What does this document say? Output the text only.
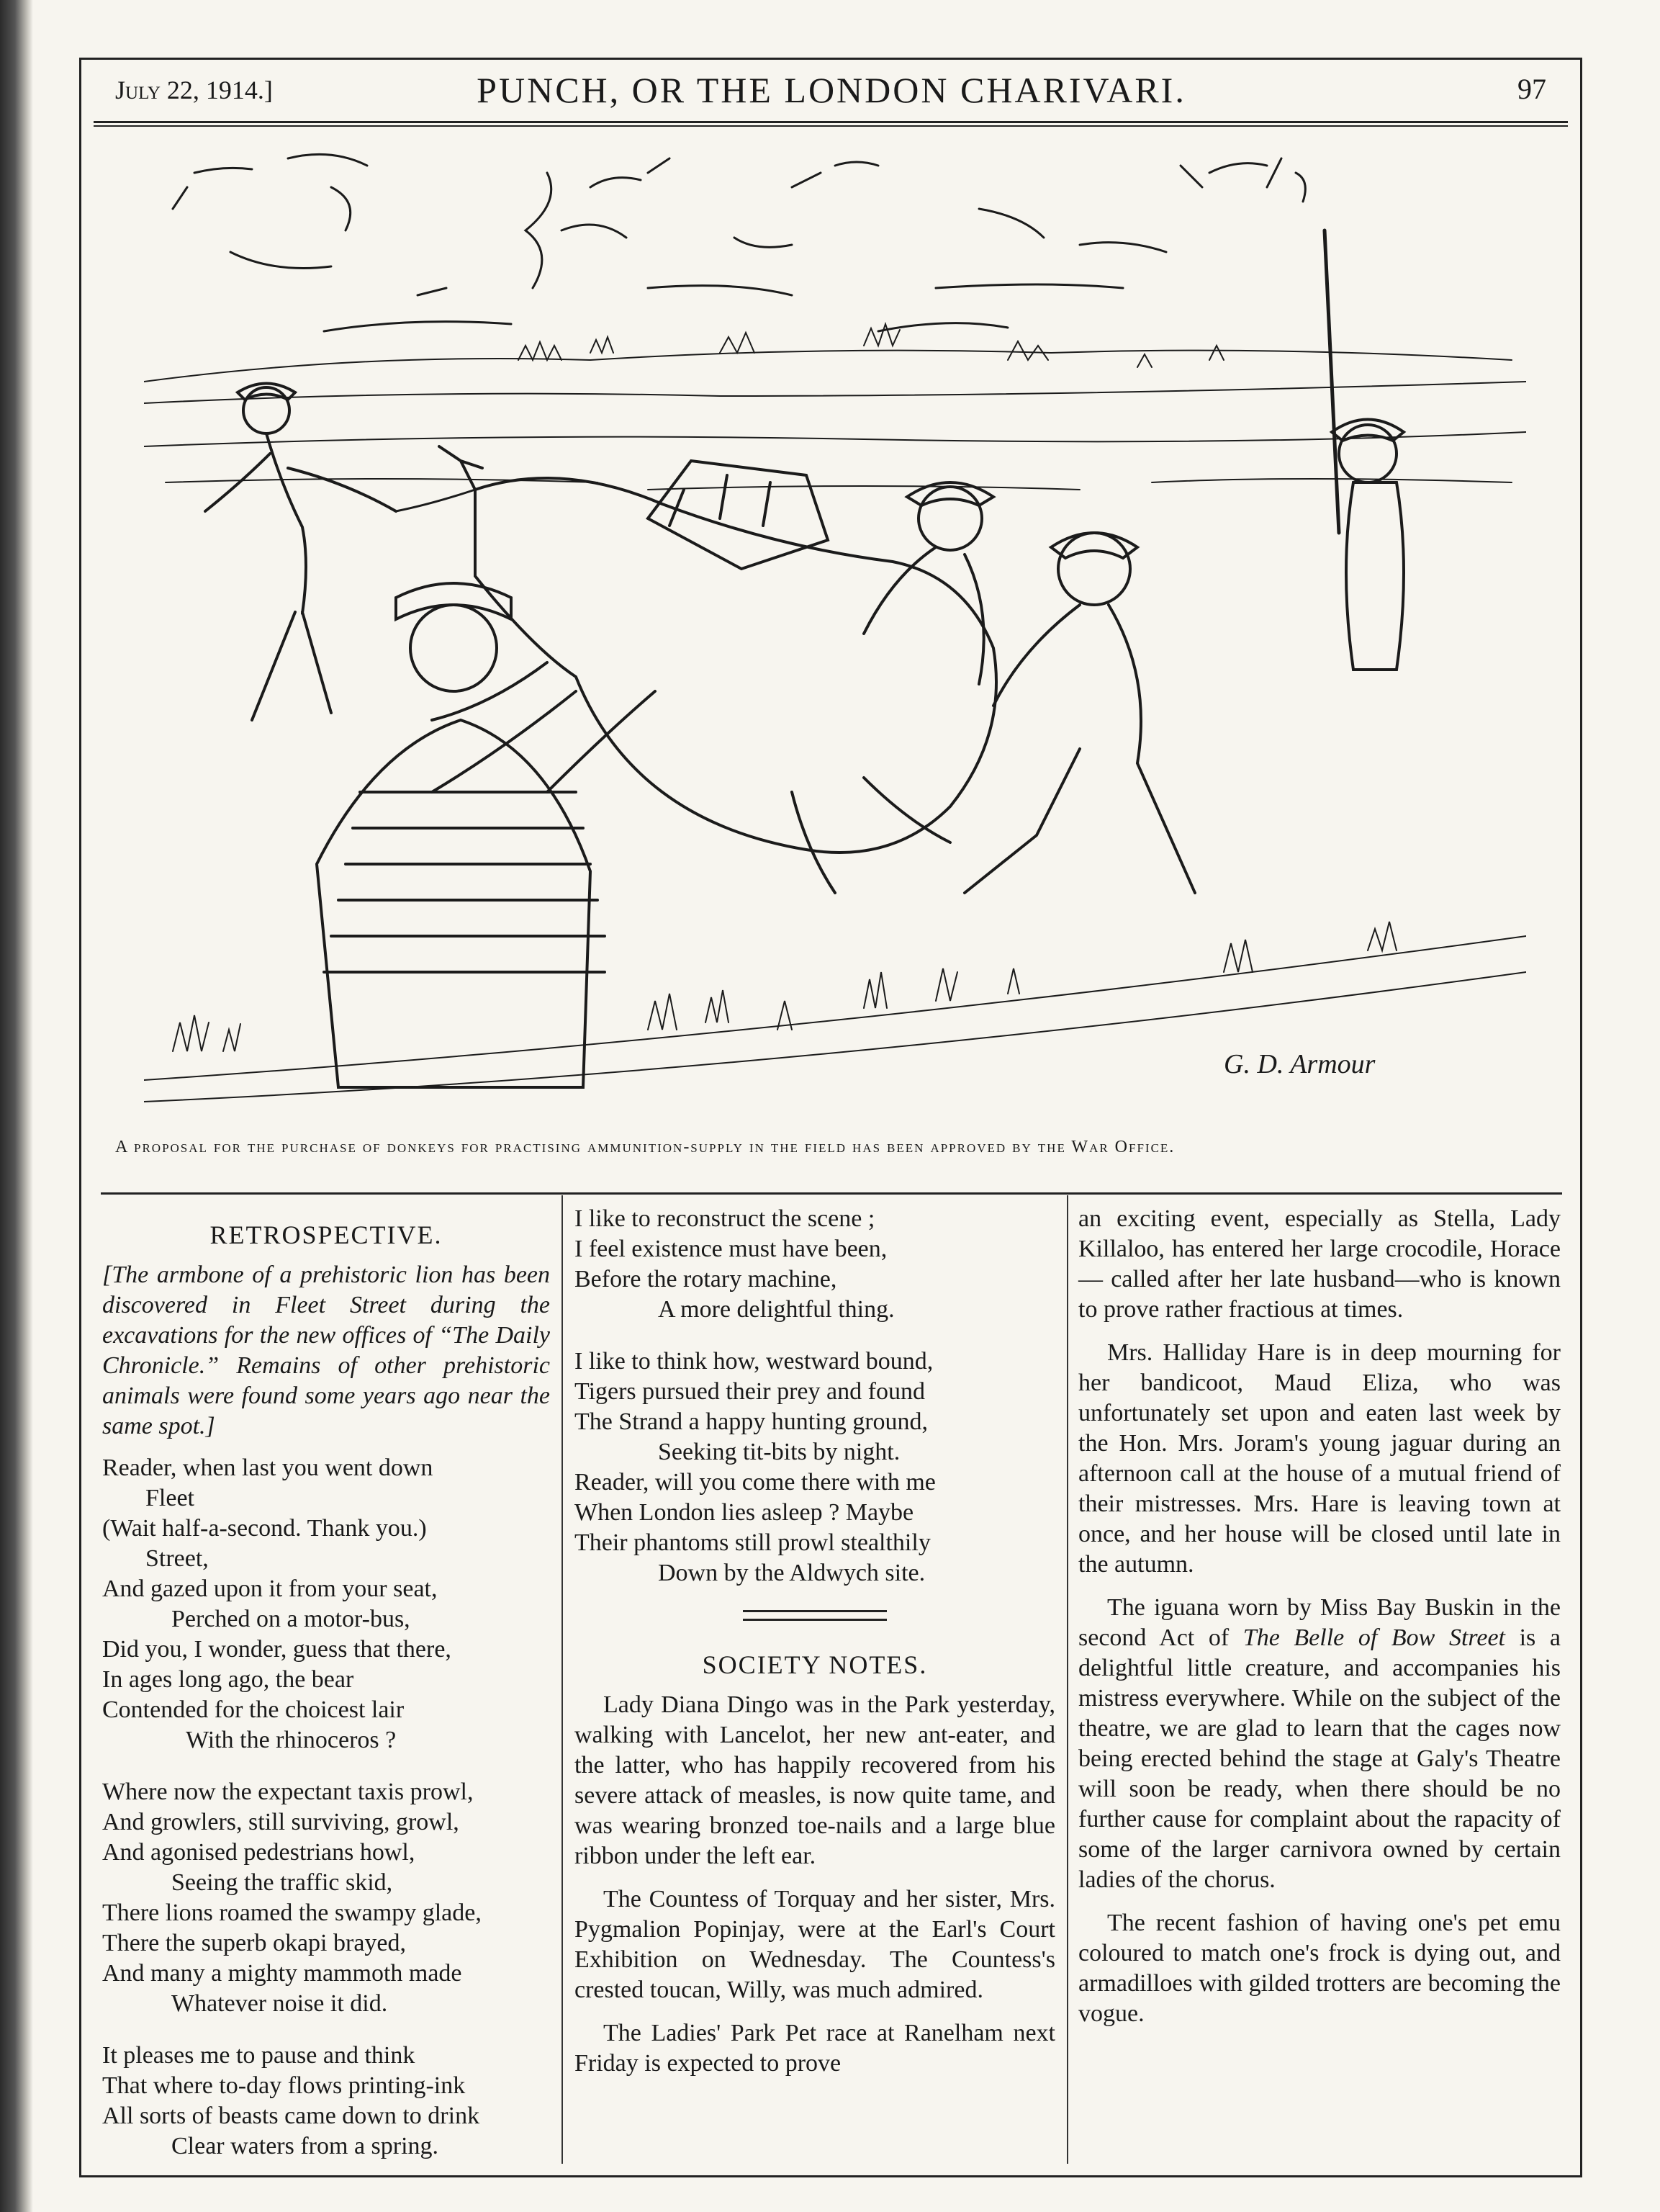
July 22, 1914.]	PUNCH, OR THE LONDON CHARIVARI.	97
G. D. Armour
A proposal for the purchase of donkeys for practising ammunition-supply in the field has been approved by the War Office.
RETROSPECTIVE.

[The armbone of a prehistoric lion has been discovered in Fleet Street during the excavations for the new offices of “The Daily Chronicle.” Remains of other prehistoric animals were found some years ago near the same spot.]

Reader, when last you went down

Fleet

(Wait half-a-second. Thank you.)

Street,

And gazed upon it from your seat,

Perched on a motor-bus,

Did you, I wonder, guess that there,

In ages long ago, the bear

Contended for the choicest lair

With the rhinoceros ?

Where now the expectant taxis prowl,

And growlers, still surviving, growl,

And agonised pedestrians howl,

Seeing the traffic skid,

There lions roamed the swampy glade,

There the superb okapi brayed,

And many a mighty mammoth made

Whatever noise it did.

It pleases me to pause and think

That where to-day flows printing-ink

All sorts of beasts came down to drink

Clear waters from a spring.

I like to reconstruct the scene ;

I feel existence must have been,

Before the rotary machine,

A more delightful thing.

I like to think how, westward bound,

Tigers pursued their prey and found

The Strand a happy hunting ground,

Seeking tit-bits by night.

Reader, will you come there with me

When London lies asleep ? Maybe

Their phantoms still prowl stealthily

Down by the Aldwych site.

SOCIETY NOTES.

Lady Diana Dingo was in the Park yesterday, walking with Lancelot, her new ant-eater, and the latter, who has happily recovered from his severe attack of measles, is now quite tame, and was wearing bronzed toe-nails and a large blue ribbon under the left ear.

The Countess of Torquay and her sister, Mrs. Pygmalion Popinjay, were at the Earl's Court Exhibition on Wednesday. The Countess's crested toucan, Willy, was much admired.

The Ladies' Park Pet race at Ranelham next Friday is expected to prove

an exciting event, especially as Stella, Lady Killaloo, has entered her large crocodile, Horace — called after her late husband—who is known to prove rather fractious at times.

Mrs. Halliday Hare is in deep mourning for her bandicoot, Maud Eliza, who was unfortunately set upon and eaten last week by the Hon. Mrs. Joram's young jaguar during an afternoon call at the house of a mutual friend of their mistresses. Mrs. Hare is leaving town at once, and her house will be closed until late in the autumn.

The iguana worn by Miss Bay Buskin in the second Act of The Belle of Bow Street is a delightful little creature, and accompanies his mistress everywhere. While on the subject of the theatre, we are glad to learn that the cages now being erected behind the stage at Galy's Theatre will soon be ready, when there should be no further cause for complaint about the rapacity of some of the larger carnivora owned by certain ladies of the chorus.

The recent fashion of having one's pet emu coloured to match one's frock is dying out, and armadilloes with gilded trotters are becoming the vogue.
